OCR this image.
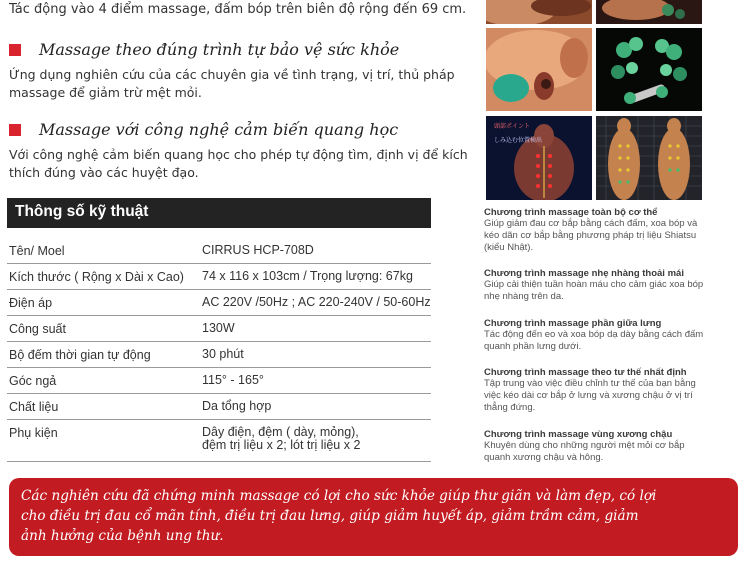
Tác động vào 4 điểm massage, đấm bóp trên biên độ rộng đến 69 cm.
Massage theo đúng trình tự bảo vệ sức khỏe
Ứng dụng nghiên cứu của các chuyên gia về tình trạng, vị trí, thủ pháp massage để giảm trừ mệt mỏi.
Massage với công nghệ cảm biến quang học
Với công nghệ cảm biến quang học cho phép tự động tìm, định vị để kích thích đúng vào các huyệt đạo.
Thông số kỹ thuật
Tên/ Moel	CIRRUS HCP-708D
Kích thước ( Rộng x Dài x Cao) 74 x 116 x 103cm / Trọng lượng: 67kg
Điện áp	AC 220V /50Hz ; AC 220-240V / 50-60Hz
Công suất	130W
Bộ đếm thời gian tự động	30 phút
Góc ngả	115° - 165°
Chất liệu	Da tổng hợp
Phụ kiện	Dây điện, đệm ( dày, mỏng),
đệm trị liệu x 2; lót trị liệu x 2
頭部ポイント
しみ込む位置検出
Chương trình massage toàn bộ cơ thể
Giúp giảm đau cơ bắp bằng cách đấm, xoa bóp và
kéo dãn cơ bắp bằng phương pháp trị liệu Shiatsu
(kiểu Nhật).
Chương trình massage nhẹ nhàng thoải mái
Giúp cải thiện tuần hoàn máu cho cảm giác xoa bóp
nhẹ nhàng trên da.
Chương trình massage phần giữa lưng
Tác động đến eo và xoa bóp dạ dày bằng cách đấm
quanh phần lưng dưới.
Chương trình massage theo tư thế nhất định
Tập trung vào việc điều chỉnh tư thế của bạn bằng
việc kéo dài cơ bắp ở lưng và xương chậu ở vị trí
thẳng đứng.
Chương trình massage vùng xương chậu
Khuyên dùng cho những người mệt mỏi cơ bắp
quanh xương chậu và hông.
Các nghiên cứu đã chứng minh massage có lợi cho sức khỏe giúp thư giãn và làm đẹp, có lợi
cho điều trị đau cổ mãn tính, điều trị đau lưng, giúp giảm huyết áp, giảm trầm cảm, giảm
ảnh hưởng của bệnh ung thư.
